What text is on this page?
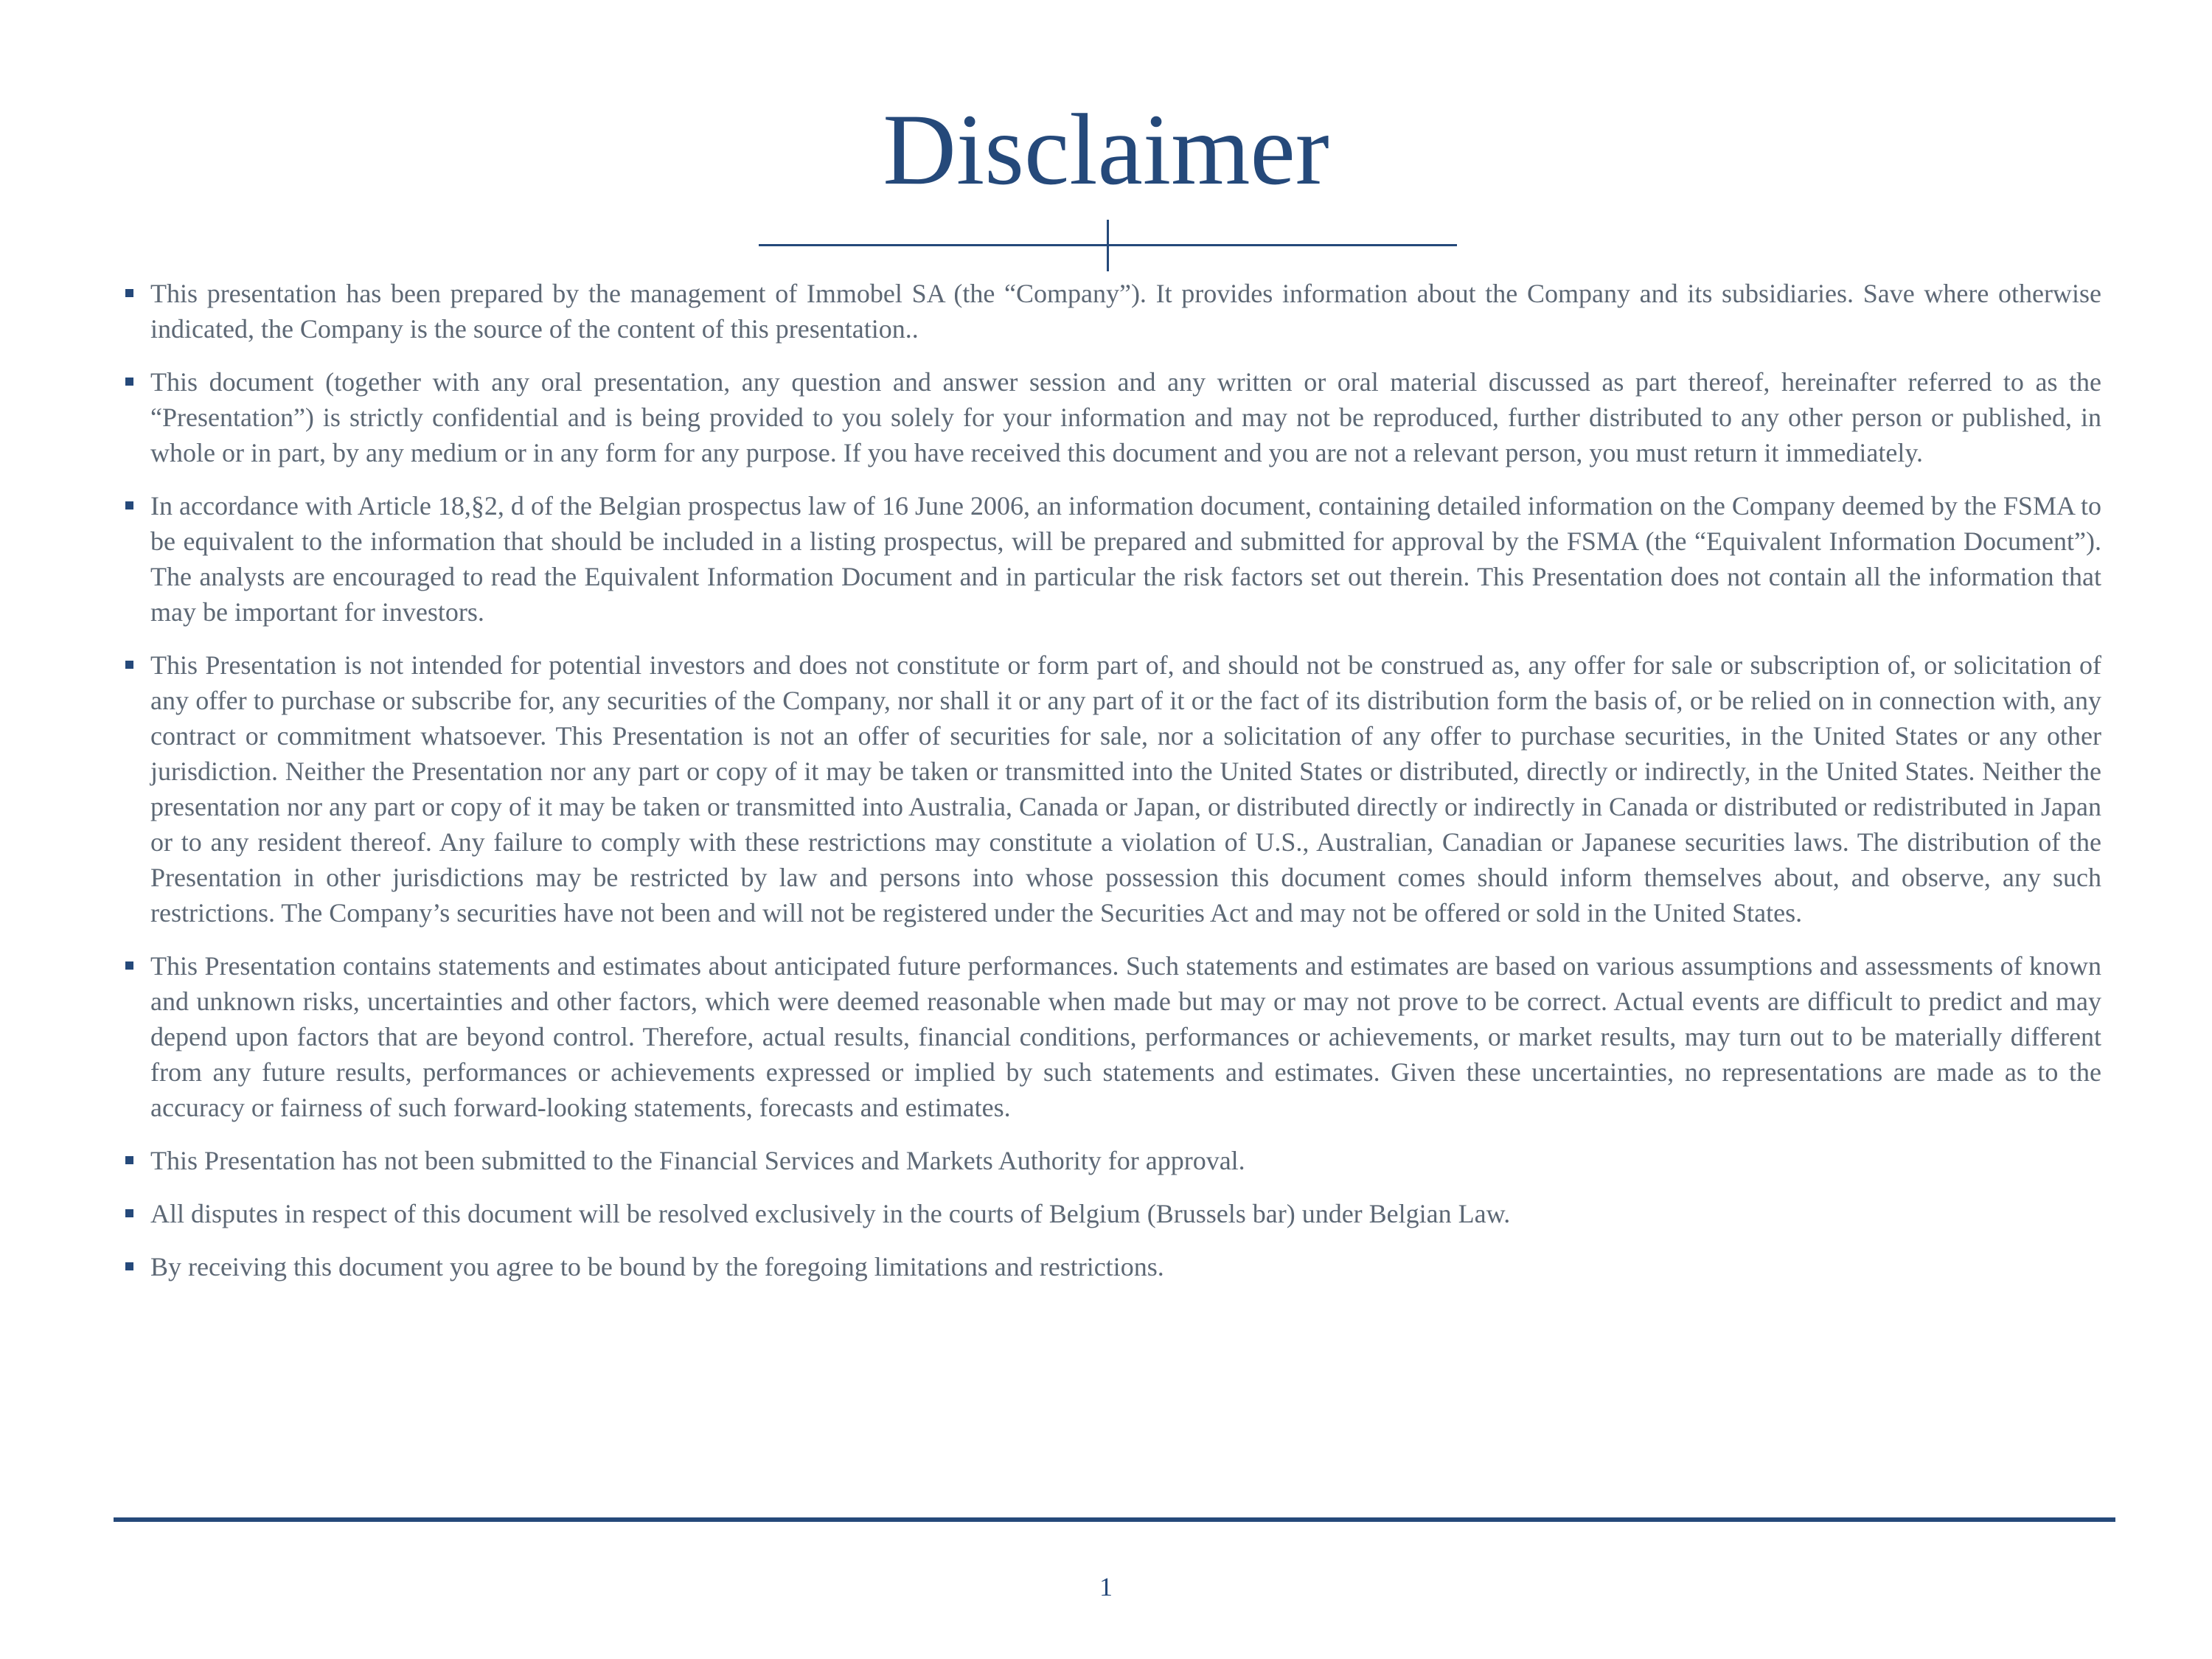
Disclaimer
This presentation has been prepared by the management of Immobel SA (the “Company”). It provides information about the Company and its subsidiaries. Save where otherwise indicated, the Company is the source of the content of this presentation..
This document (together with any oral presentation, any question and answer session and any written or oral material discussed as part thereof, hereinafter referred to as the “Presentation”) is strictly confidential and is being provided to you solely for your information and may not be reproduced, further distributed to any other person or published, in whole or in part, by any medium or in any form for any purpose. If you have received this document and you are not a relevant person, you must return it immediately.
In accordance with Article 18,§2, d of the Belgian prospectus law of 16 June 2006, an information document, containing detailed information on the Company deemed by the FSMA to be equivalent to the information that should be included in a listing prospectus, will be prepared and submitted for approval by the FSMA (the “Equivalent Information Document”). The analysts are encouraged to read the Equivalent Information Document and in particular the risk factors set out therein. This Presentation does not contain all the information that may be important for investors.
This Presentation is not intended for potential investors and does not constitute or form part of, and should not be construed as, any offer for sale or subscription of, or solicitation of any offer to purchase or subscribe for, any securities of the Company, nor shall it or any part of it or the fact of its distribution form the basis of, or be relied on in connection with, any contract or commitment whatsoever. This Presentation is not an offer of securities for sale, nor a solicitation of any offer to purchase securities, in the United States or any other jurisdiction. Neither the Presentation nor any part or copy of it may be taken or transmitted into the United States or distributed, directly or indirectly, in the United States. Neither the presentation nor any part or copy of it may be taken or transmitted into Australia, Canada or Japan, or distributed directly or indirectly in Canada or distributed or redistributed in Japan or to any resident thereof. Any failure to comply with these restrictions may constitute a violation of U.S., Australian, Canadian or Japanese securities laws. The distribution of the Presentation in other jurisdictions may be restricted by law and persons into whose possession this document comes should inform themselves about, and observe, any such restrictions. The Company’s securities have not been and will not be registered under the Securities Act and may not be offered or sold in the United States.
This Presentation contains statements and estimates about anticipated future performances. Such statements and estimates are based on various assumptions and assessments of known and unknown risks, uncertainties and other factors, which were deemed reasonable when made but may or may not prove to be correct. Actual events are difficult to predict and may depend upon factors that are beyond control. Therefore, actual results, financial conditions, performances or achievements, or market results, may turn out to be materially different from any future results, performances or achievements expressed or implied by such statements and estimates. Given these uncertainties, no representations are made as to the accuracy or fairness of such forward-looking statements, forecasts and estimates.
This Presentation has not been submitted to the Financial Services and Markets Authority for approval.
All disputes in respect of this document will be resolved exclusively in the courts of Belgium (Brussels bar) under Belgian Law.
By receiving this document you agree to be bound by the foregoing limitations and restrictions.
1
